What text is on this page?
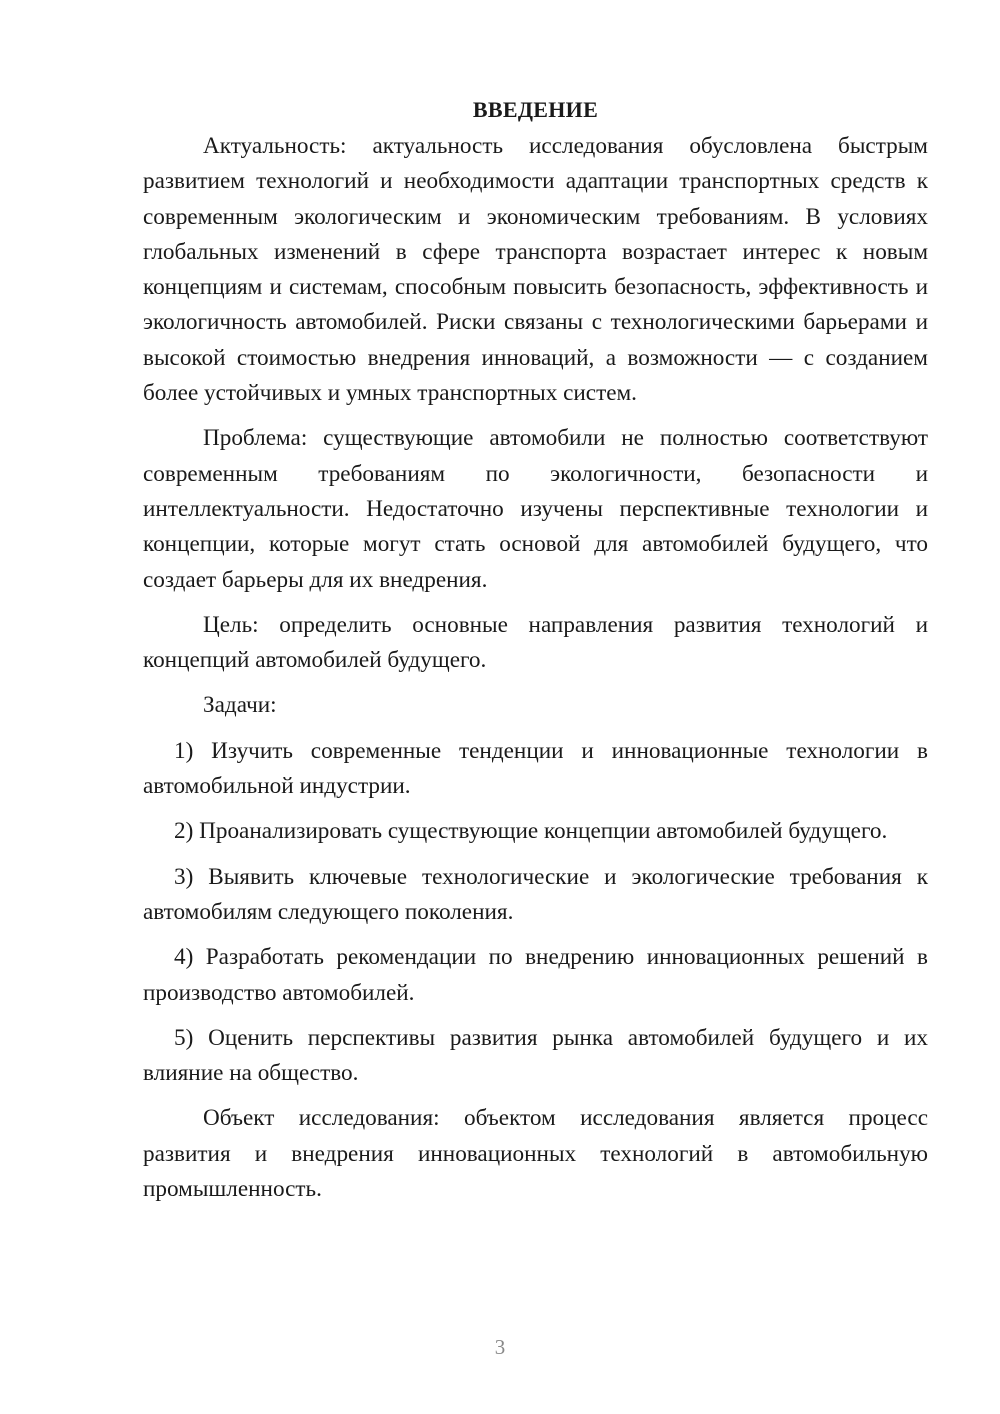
ВВЕДЕНИЕ

Актуальность: актуальность исследования обусловлена быстрым развитием технологий и необходимости адаптации транспортных средств к современным экологическим и экономическим требованиям. В условиях глобальных изменений в сфере транспорта возрастает интерес к новым концепциям и системам, способным повысить безопасность, эффективность и экологичность автомобилей. Риски связаны с технологическими барьерами и высокой стоимостью внедрения инноваций, а возможности — с созданием более устойчивых и умных транспортных систем.

Проблема: существующие автомобили не полностью соответствуют современным требованиям по экологичности, безопасности и интеллектуальности. Недостаточно изучены перспективные технологии и концепции, которые могут стать основой для автомобилей будущего, что создает барьеры для их внедрения.

Цель: определить основные направления развития технологий и концепций автомобилей будущего.

Задачи:

1) Изучить современные тенденции и инновационные технологии в автомобильной индустрии.

2) Проанализировать существующие концепции автомобилей будущего.

3) Выявить ключевые технологические и экологические требования к автомобилям следующего поколения.

4) Разработать рекомендации по внедрению инновационных решений в производство автомобилей.

5) Оценить перспективы развития рынка автомобилей будущего и их влияние на общество.

Объект исследования: объектом исследования является процесс развития и внедрения инновационных технологий в автомобильную промышленность.

3
